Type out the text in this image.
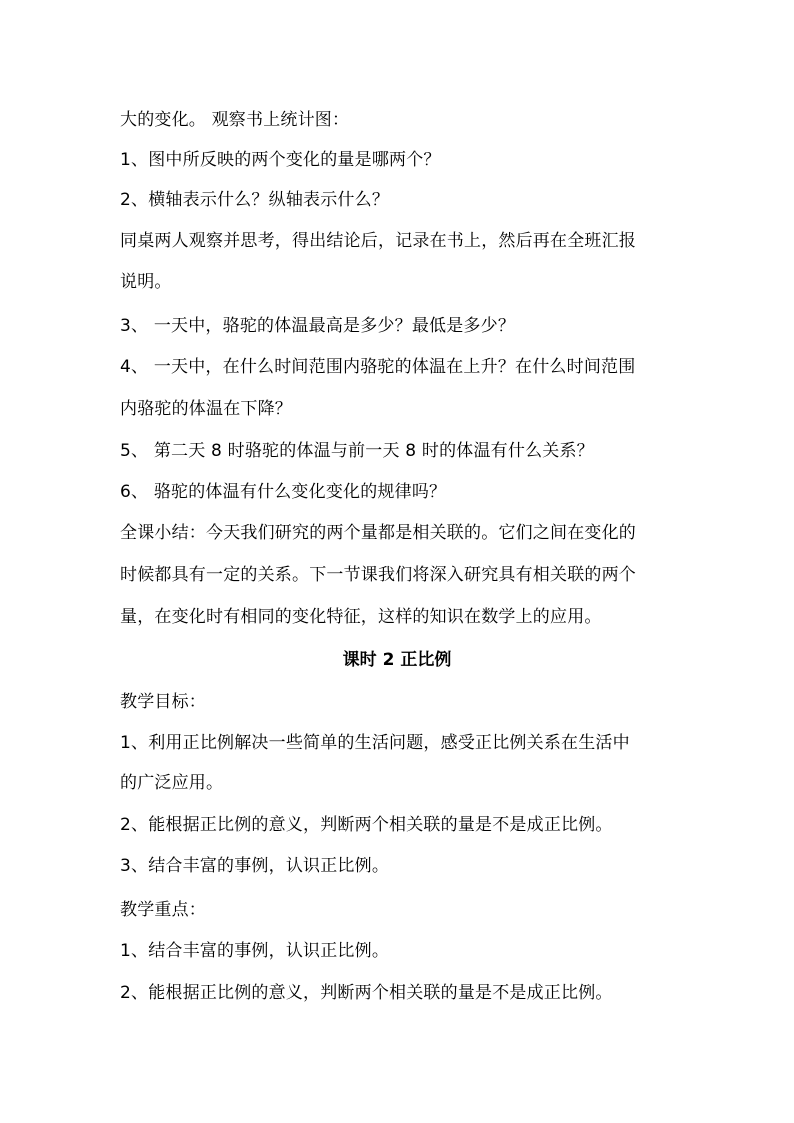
大的变化。 观察书上统计图：
1、图中所反映的两个变化的量是哪两个？
2、横轴表示什么？纵轴表示什么？
同桌两人观察并思考，得出结论后，记录在书上，然后再在全班汇报
说明。
3、 一天中，骆驼的体温最高是多少？最低是多少？
4、 一天中，在什么时间范围内骆驼的体温在上升？在什么时间范围
内骆驼的体温在下降？
5、 第二天 8 时骆驼的体温与前一天 8 时的体温有什么关系？
6、 骆驼的体温有什么变化变化的规律吗？
全课小结：今天我们研究的两个量都是相关联的。它们之间在变化的
时候都具有一定的关系。下一节课我们将深入研究具有相关联的两个
量，在变化时有相同的变化特征，这样的知识在数学上的应用。
课时 2 正比例
教学目标：
1、利用正比例解决一些简单的生活问题，感受正比例关系在生活中
的广泛应用。
2、能根据正比例的意义，判断两个相关联的量是不是成正比例。
3、结合丰富的事例，认识正比例。
教学重点：
1、结合丰富的事例，认识正比例。
2、能根据正比例的意义，判断两个相关联的量是不是成正比例。
